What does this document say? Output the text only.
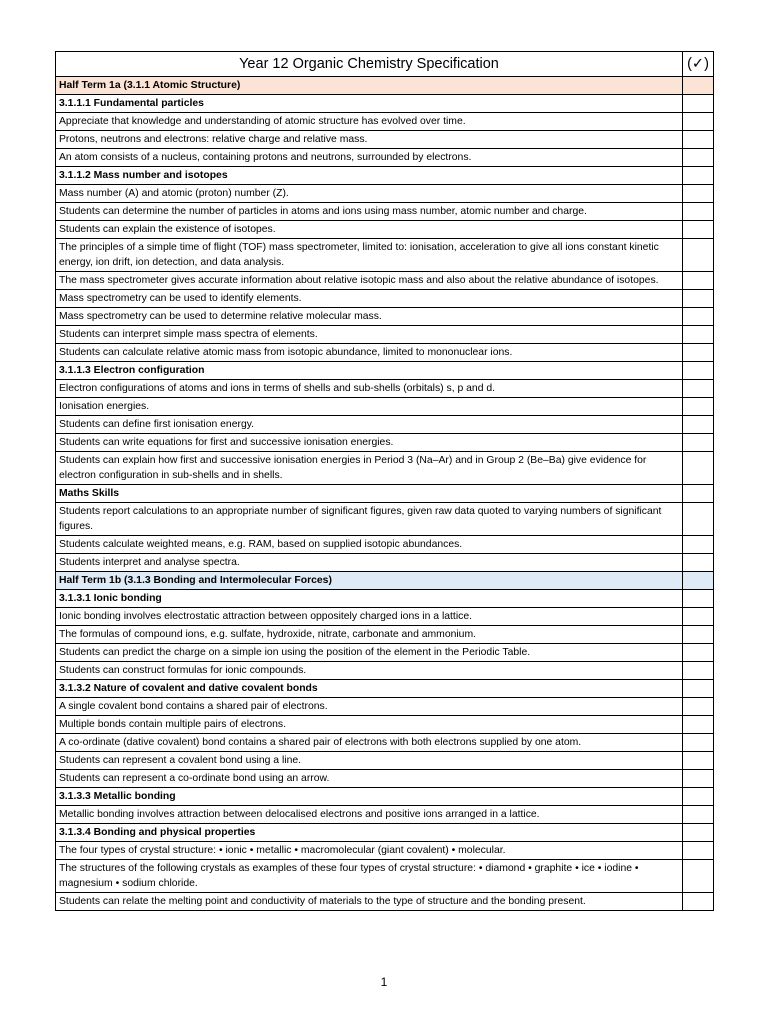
Year 12 Organic Chemistry Specification	(✓)
Half Term 1a (3.1.1 Atomic Structure)	
3.1.1.1 Fundamental particles	
Appreciate that knowledge and understanding of atomic structure has evolved over time.	
Protons, neutrons and electrons: relative charge and relative mass.	
An atom consists of a nucleus, containing protons and neutrons, surrounded by electrons.	
3.1.1.2 Mass number and isotopes	
Mass number (A) and atomic (proton) number (Z).	
Students can determine the number of particles in atoms and ions using mass number, atomic number and charge.	
Students can explain the existence of isotopes.	
The principles of a simple time of flight (TOF) mass spectrometer, limited to: ionisation, acceleration to give all ions constant kinetic energy, ion drift, ion detection, and data analysis.	
The mass spectrometer gives accurate information about relative isotopic mass and also about the relative abundance of isotopes.	
Mass spectrometry can be used to identify elements.	
Mass spectrometry can be used to determine relative molecular mass.	
Students can interpret simple mass spectra of elements.	
Students can calculate relative atomic mass from isotopic abundance, limited to mononuclear ions.	
3.1.1.3 Electron configuration	
Electron configurations of atoms and ions in terms of shells and sub-shells (orbitals) s, p and d.	
Ionisation energies.	
Students can define first ionisation energy.	
Students can write equations for first and successive ionisation energies.	
Students can explain how first and successive ionisation energies in Period 3 (Na–Ar) and in Group 2 (Be–Ba) give evidence for electron configuration in sub-shells and in shells.	
Maths Skills	
Students report calculations to an appropriate number of significant figures, given raw data quoted to varying numbers of significant figures.	
Students calculate weighted means, e.g. RAM, based on supplied isotopic abundances.	
Students interpret and analyse spectra.	
Half Term 1b (3.1.3 Bonding and Intermolecular Forces)	
3.1.3.1 Ionic bonding	
Ionic bonding involves electrostatic attraction between oppositely charged ions in a lattice.	
The formulas of compound ions, e.g. sulfate, hydroxide, nitrate, carbonate and ammonium.	
Students can predict the charge on a simple ion using the position of the element in the Periodic Table.	
Students can construct formulas for ionic compounds.	
3.1.3.2 Nature of covalent and dative covalent bonds	
A single covalent bond contains a shared pair of electrons.	
Multiple bonds contain multiple pairs of electrons.	
A co-ordinate (dative covalent) bond contains a shared pair of electrons with both electrons supplied by one atom.	
Students can represent a covalent bond using a line.	
Students can represent a co-ordinate bond using an arrow.	
3.1.3.3 Metallic bonding	
Metallic bonding involves attraction between delocalised electrons and positive ions arranged in a lattice.	
3.1.3.4 Bonding and physical properties	
The four types of crystal structure: • ionic • metallic • macromolecular (giant covalent) • molecular.	
The structures of the following crystals as examples of these four types of crystal structure: • diamond • graphite • ice • iodine • magnesium • sodium chloride.	
Students can relate the melting point and conductivity of materials to the type of structure and the bonding present.	
1
